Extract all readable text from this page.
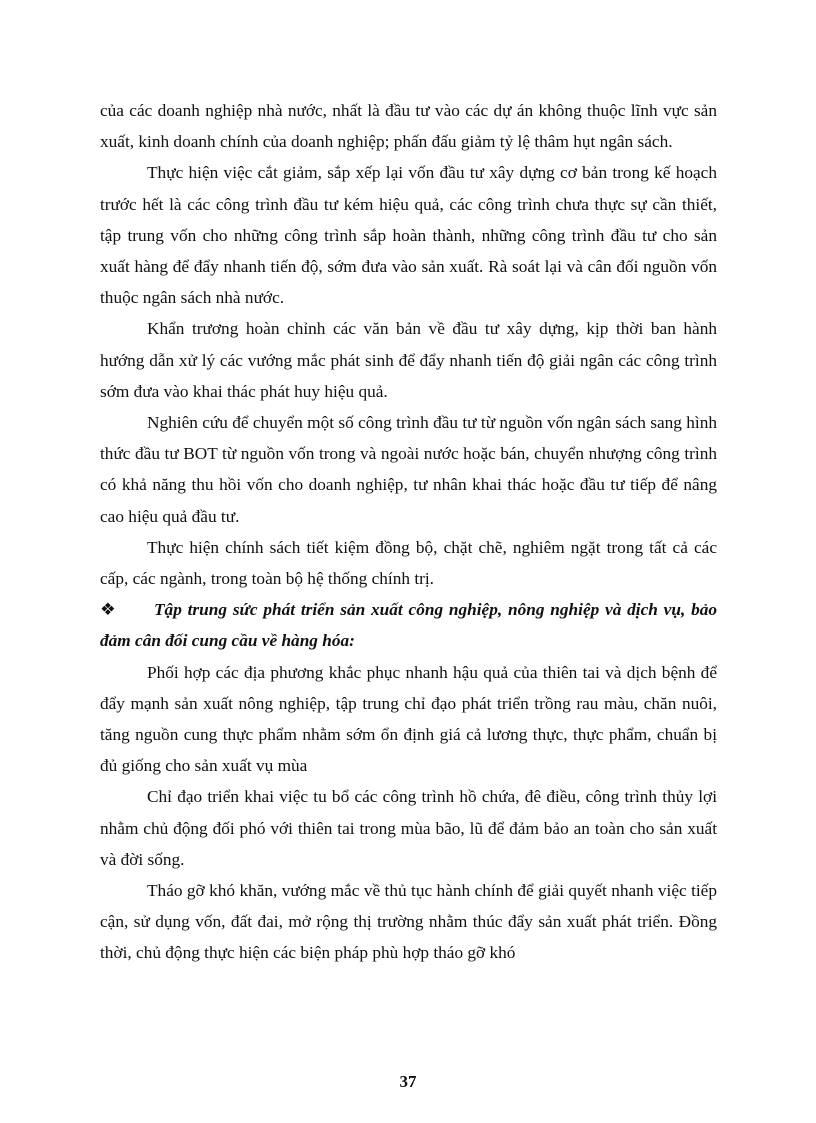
của các doanh nghiệp nhà nước, nhất là đầu tư vào các dự án không thuộc lĩnh vực sản xuất, kinh doanh chính của doanh nghiệp; phấn đấu giảm tỷ lệ thâm hụt ngân sách.

Thực hiện việc cắt giảm, sắp xếp lại vốn đầu tư xây dựng cơ bản trong kế hoạch trước hết là các công trình đầu tư kém hiệu quả, các công trình chưa thực sự cần thiết, tập trung vốn cho những công trình sắp hoàn thành, những công trình đầu tư cho sản xuất hàng để đẩy nhanh tiến độ, sớm đưa vào sản xuất. Rà soát lại và cân đối nguồn vốn thuộc ngân sách nhà nước.

Khẩn trương hoàn chỉnh các văn bản về đầu tư xây dựng, kịp thời ban hành hướng dẫn xử lý các vướng mắc phát sinh để đẩy nhanh tiến độ giải ngân các công trình sớm đưa vào khai thác phát huy hiệu quả.

Nghiên cứu để chuyển một số công trình đầu tư từ nguồn vốn ngân sách sang hình thức đầu tư BOT từ nguồn vốn trong và ngoài nước hoặc bán, chuyển nhượng công trình có khả năng thu hồi vốn cho doanh nghiệp, tư nhân khai thác hoặc đầu tư tiếp để nâng cao hiệu quả đầu tư.

Thực hiện chính sách tiết kiệm đồng bộ, chặt chẽ, nghiêm ngặt trong tất cả các cấp, các ngành, trong toàn bộ hệ thống chính trị.

❖ Tập trung sức phát triển sản xuất công nghiệp, nông nghiệp và dịch vụ, bảo đảm cân đối cung cầu về hàng hóa:

Phối hợp các địa phương khắc phục nhanh hậu quả của thiên tai và dịch bệnh để đẩy mạnh sản xuất nông nghiệp, tập trung chỉ đạo phát triển trồng rau màu, chăn nuôi, tăng nguồn cung thực phẩm nhằm sớm ổn định giá cả lương thực, thực phẩm, chuẩn bị đủ giống cho sản xuất vụ mùa

Chỉ đạo triển khai việc tu bổ các công trình hồ chứa, đê điều, công trình thủy lợi nhằm chủ động đối phó với thiên tai trong mùa bão, lũ để đảm bảo an toàn cho sản xuất và đời sống.

Tháo gỡ khó khăn, vướng mắc về thủ tục hành chính để giải quyết nhanh việc tiếp cận, sử dụng vốn, đất đai, mở rộng thị trường nhằm thúc đẩy sản xuất phát triển. Đồng thời, chủ động thực hiện các biện pháp phù hợp tháo gỡ khó

37
